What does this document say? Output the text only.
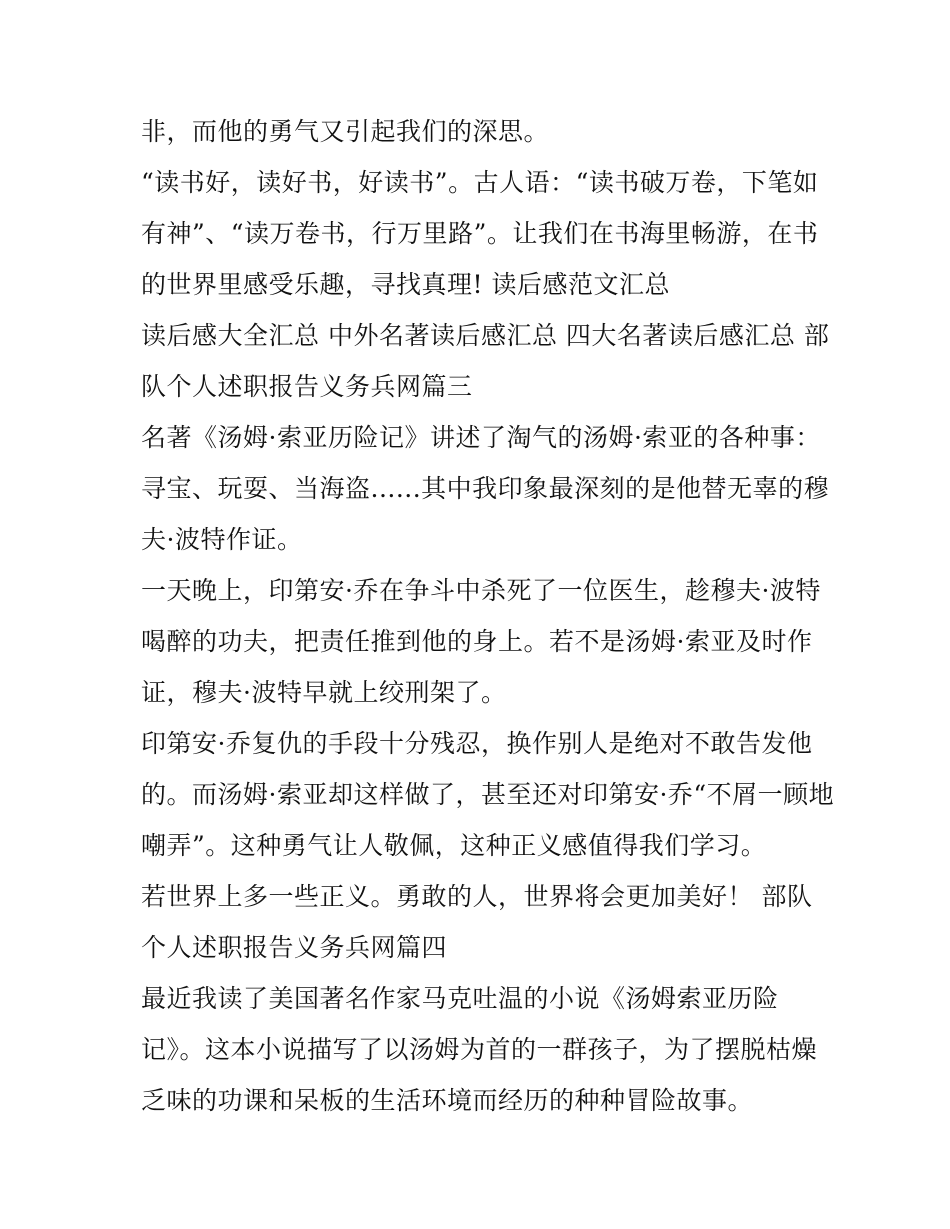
非，而他的勇气又引起我们的深思。
“读书好，读好书，好读书”。古人语：“读书破万卷，下笔如
有神”、“读万卷书，行万里路”。让我们在书海里畅游，在书
的世界里感受乐趣，寻找真理! 读后感范文汇总
读后感大全汇总 中外名著读后感汇总 四大名著读后感汇总 部
队个人述职报告义务兵网篇三
名著《汤姆·索亚历险记》讲述了淘气的汤姆·索亚的各种事：
寻宝、玩耍、当海盗......其中我印象最深刻的是他替无辜的穆
夫·波特作证。
一天晚上，印第安·乔在争斗中杀死了一位医生，趁穆夫·波特
喝醉的功夫，把责任推到他的身上。若不是汤姆·索亚及时作
证，穆夫·波特早就上绞刑架了。
印第安·乔复仇的手段十分残忍，换作别人是绝对不敢告发他
的。而汤姆·索亚却这样做了，甚至还对印第安·乔“不屑一顾地
嘲弄”。这种勇气让人敬佩，这种正义感值得我们学习。
若世界上多一些正义。勇敢的人，世界将会更加美好！ 部队
个人述职报告义务兵网篇四
最近我读了美国著名作家马克吐温的小说《汤姆索亚历险
记》。这本小说描写了以汤姆为首的一群孩子，为了摆脱枯燥
乏味的功课和呆板的生活环境而经历的种种冒险故事。
